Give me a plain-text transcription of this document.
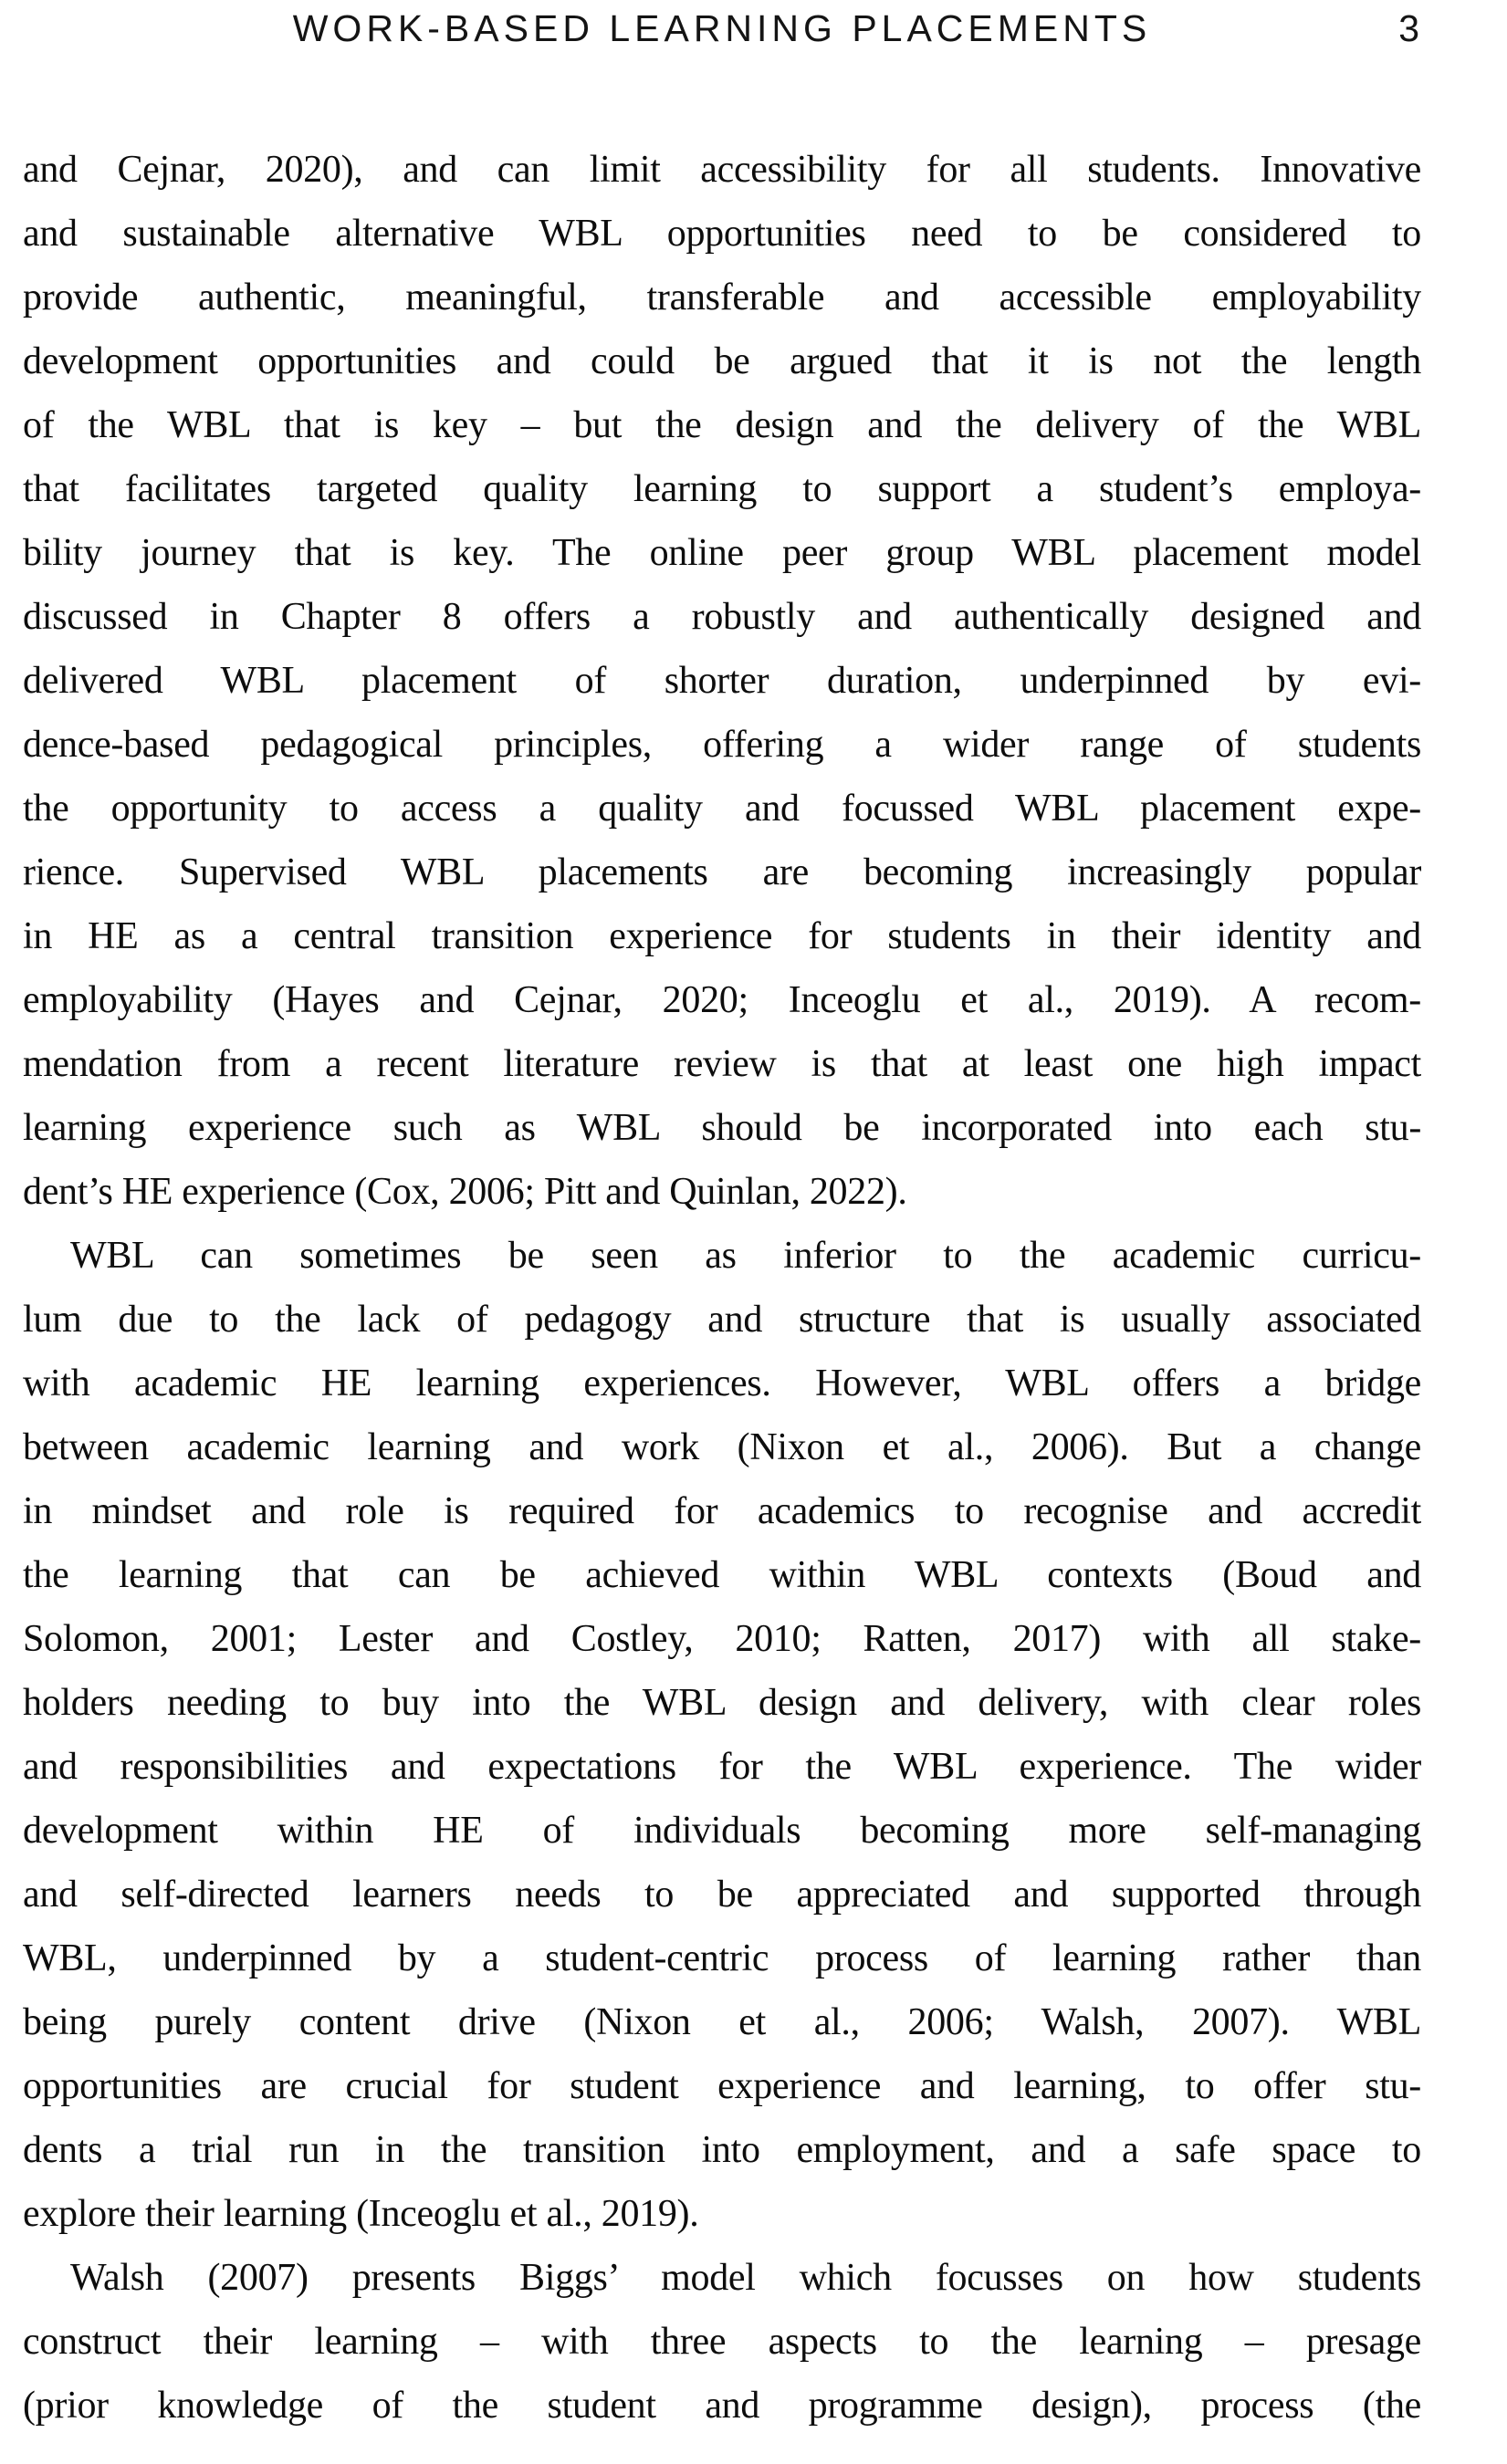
WORK-BASED LEARNING PLACEMENTS	3
and Cejnar, 2020), and can limit accessibility for all students. Innovative
and sustainable alternative WBL opportunities need to be considered to
provide authentic, meaningful, transferable and accessible employability
development opportunities and could be argued that it is not the length
of the WBL that is key – but the design and the delivery of the WBL
that facilitates targeted quality learning to support a student’s employa-
bility journey that is key. The online peer group WBL placement model
discussed in Chapter 8 offers a robustly and authentically designed and
delivered WBL placement of shorter duration, underpinned by evi-
dence-based pedagogical principles, offering a wider range of students
the opportunity to access a quality and focussed WBL placement expe-
rience. Supervised WBL placements are becoming increasingly popular
in HE as a central transition experience for students in their identity and
employability (Hayes and Cejnar, 2020; Inceoglu et al., 2019). A recom-
mendation from a recent literature review is that at least one high impact
learning experience such as WBL should be incorporated into each stu-
dent’s HE experience (Cox, 2006; Pitt and Quinlan, 2022).
WBL can sometimes be seen as inferior to the academic curricu-
lum due to the lack of pedagogy and structure that is usually associated
with academic HE learning experiences. However, WBL offers a bridge
between academic learning and work (Nixon et al., 2006). But a change
in mindset and role is required for academics to recognise and accredit
the learning that can be achieved within WBL contexts (Boud and
Solomon, 2001; Lester and Costley, 2010; Ratten, 2017) with all stake-
holders needing to buy into the WBL design and delivery, with clear roles
and responsibilities and expectations for the WBL experience. The wider
development within HE of individuals becoming more self-managing
and self-directed learners needs to be appreciated and supported through
WBL, underpinned by a student-centric process of learning rather than
being purely content drive (Nixon et al., 2006; Walsh, 2007). WBL
opportunities are crucial for student experience and learning, to offer stu-
dents a trial run in the transition into employment, and a safe space to
explore their learning (Inceoglu et al., 2019).
Walsh (2007) presents Biggs’ model which focusses on how students
construct their learning – with three aspects to the learning – presage
(prior knowledge of the student and programme design), process (the
